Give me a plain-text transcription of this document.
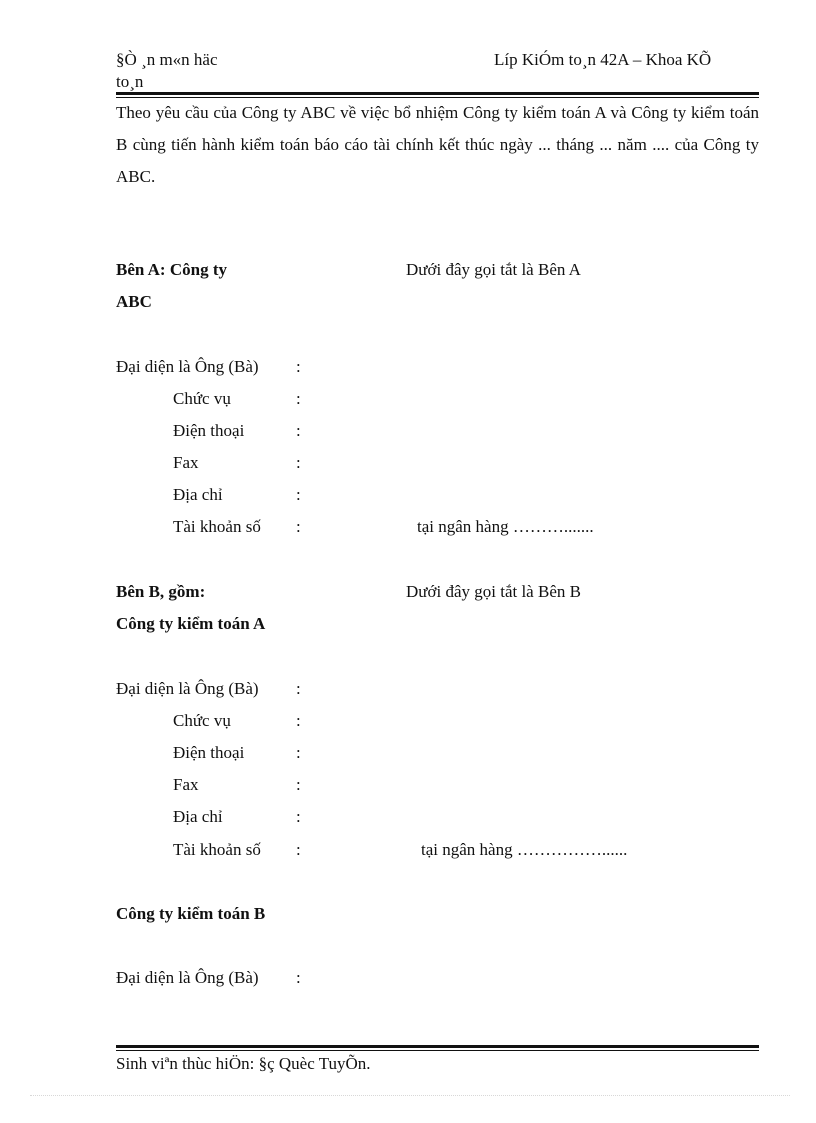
§Ò ¸n m«n häc
to¸n
Líp KiÓm to¸n 42A – Khoa KÕ
Theo yêu cầu của Công ty ABC về việc bổ nhiệm Công ty kiểm toán A và Công ty kiểm toán B cùng tiến hành kiểm toán báo cáo tài chính kết thúc ngày ... tháng ... năm .... của Công ty ABC.
Bên A: Công ty
ABC
Dưới đây gọi tắt là Bên A
Đại diện là Ông (Bà) :
Chức vụ	:
Điện thoại	:
Fax	:
Địa chỉ	:
Tài khoản số :	tại ngân hàng ……….......
Bên B, gồm:	Dưới đây gọi tắt là Bên B
Công ty kiểm toán A
Đại diện là Ông (Bà) :
Chức vụ	:
Điện thoại	:
Fax	:
Địa chỉ	:
Tài khoản số :	tại ngân hàng ……………......
Công ty kiểm toán B
Đại diện là Ông (Bà) :
Sinh viªn thùc hiÖn: §ç Quèc TuyÕn.
